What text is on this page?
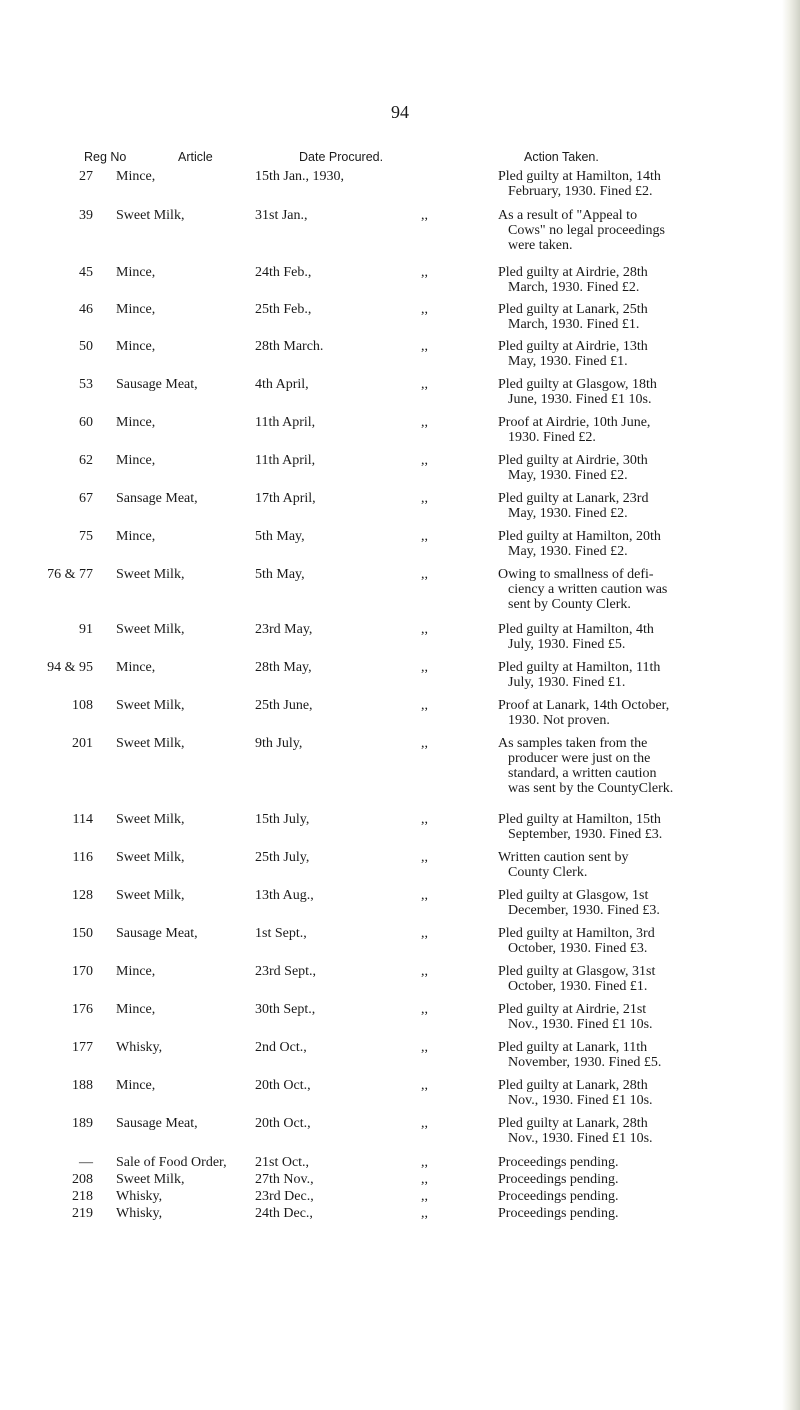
94
Reg No	Article	Date Procured.	Action Taken.
27 Mince,	15th Jan., 1930,	Pled guilty at Hamilton, 14th
February, 1930. Fined £2.
39 Sweet Milk,	31st Jan.,	,,	As a result of "Appeal to
Cows" no legal proceedings
were taken.
45 Mince,	24th Feb.,	,,	Pled guilty at Airdrie, 28th
March, 1930. Fined £2.
46 Mince,	25th Feb.,	,,	Pled guilty at Lanark, 25th
March, 1930. Fined £1.
50 Mince,	28th March.	,,	Pled guilty at Airdrie, 13th
May, 1930. Fined £1.
53 Sausage Meat,	4th April,	,,	Pled guilty at Glasgow, 18th
June, 1930. Fined £1 10s.
60 Mince,	11th April,	,,	Proof at Airdrie, 10th June,
1930. Fined £2.
62 Mince,	11th April,	,,	Pled guilty at Airdrie, 30th
May, 1930. Fined £2.
67 Sansage Meat,	17th April,	,,	Pled guilty at Lanark, 23rd
May, 1930. Fined £2.
75 Mince,	5th May,	,,	Pled guilty at Hamilton, 20th
May, 1930. Fined £2.
76 & 77 Sweet Milk,	5th May,	,,	Owing to smallness of defi-
ciency a written caution was
sent by County Clerk.
91 Sweet Milk,	23rd May,	,,	Pled guilty at Hamilton, 4th
July, 1930. Fined £5.
94 & 95 Mince,	28th May,	,,	Pled guilty at Hamilton, 11th
July, 1930. Fined £1.
108 Sweet Milk,	25th June,	,,	Proof at Lanark, 14th October,
1930. Not proven.
201 Sweet Milk,	9th July,	,,	As samples taken from the
producer were just on the
standard, a written caution
was sent by the CountyClerk.
114 Sweet Milk,	15th July,	,,	Pled guilty at Hamilton, 15th
September, 1930. Fined £3.
116 Sweet Milk,	25th July,	,,	Written caution sent by
County Clerk.
128 Sweet Milk,	13th Aug.,	,,	Pled guilty at Glasgow, 1st
December, 1930. Fined £3.
150 Sausage Meat,	1st Sept.,	,,	Pled guilty at Hamilton, 3rd
October, 1930. Fined £3.
170 Mince,	23rd Sept.,	,,	Pled guilty at Glasgow, 31st
October, 1930. Fined £1.
176 Mince,	30th Sept.,	,,	Pled guilty at Airdrie, 21st
Nov., 1930. Fined £1 10s.
177 Whisky,	2nd Oct.,	,,	Pled guilty at Lanark, 11th
November, 1930. Fined £5.
188 Mince,	20th Oct.,	,,	Pled guilty at Lanark, 28th
Nov., 1930. Fined £1 10s.
189 Sausage Meat,	20th Oct.,	,,	Pled guilty at Lanark, 28th
Nov., 1930. Fined £1 10s.
— Sale of Food Order, 21st Oct.,	,,	Proceedings pending.
208 Sweet Milk,	27th Nov.,	,,	Proceedings pending.
218 Whisky,	23rd Dec.,	,,	Proceedings pending.
219 Whisky,	24th Dec.,	,,	Proceedings pending.
